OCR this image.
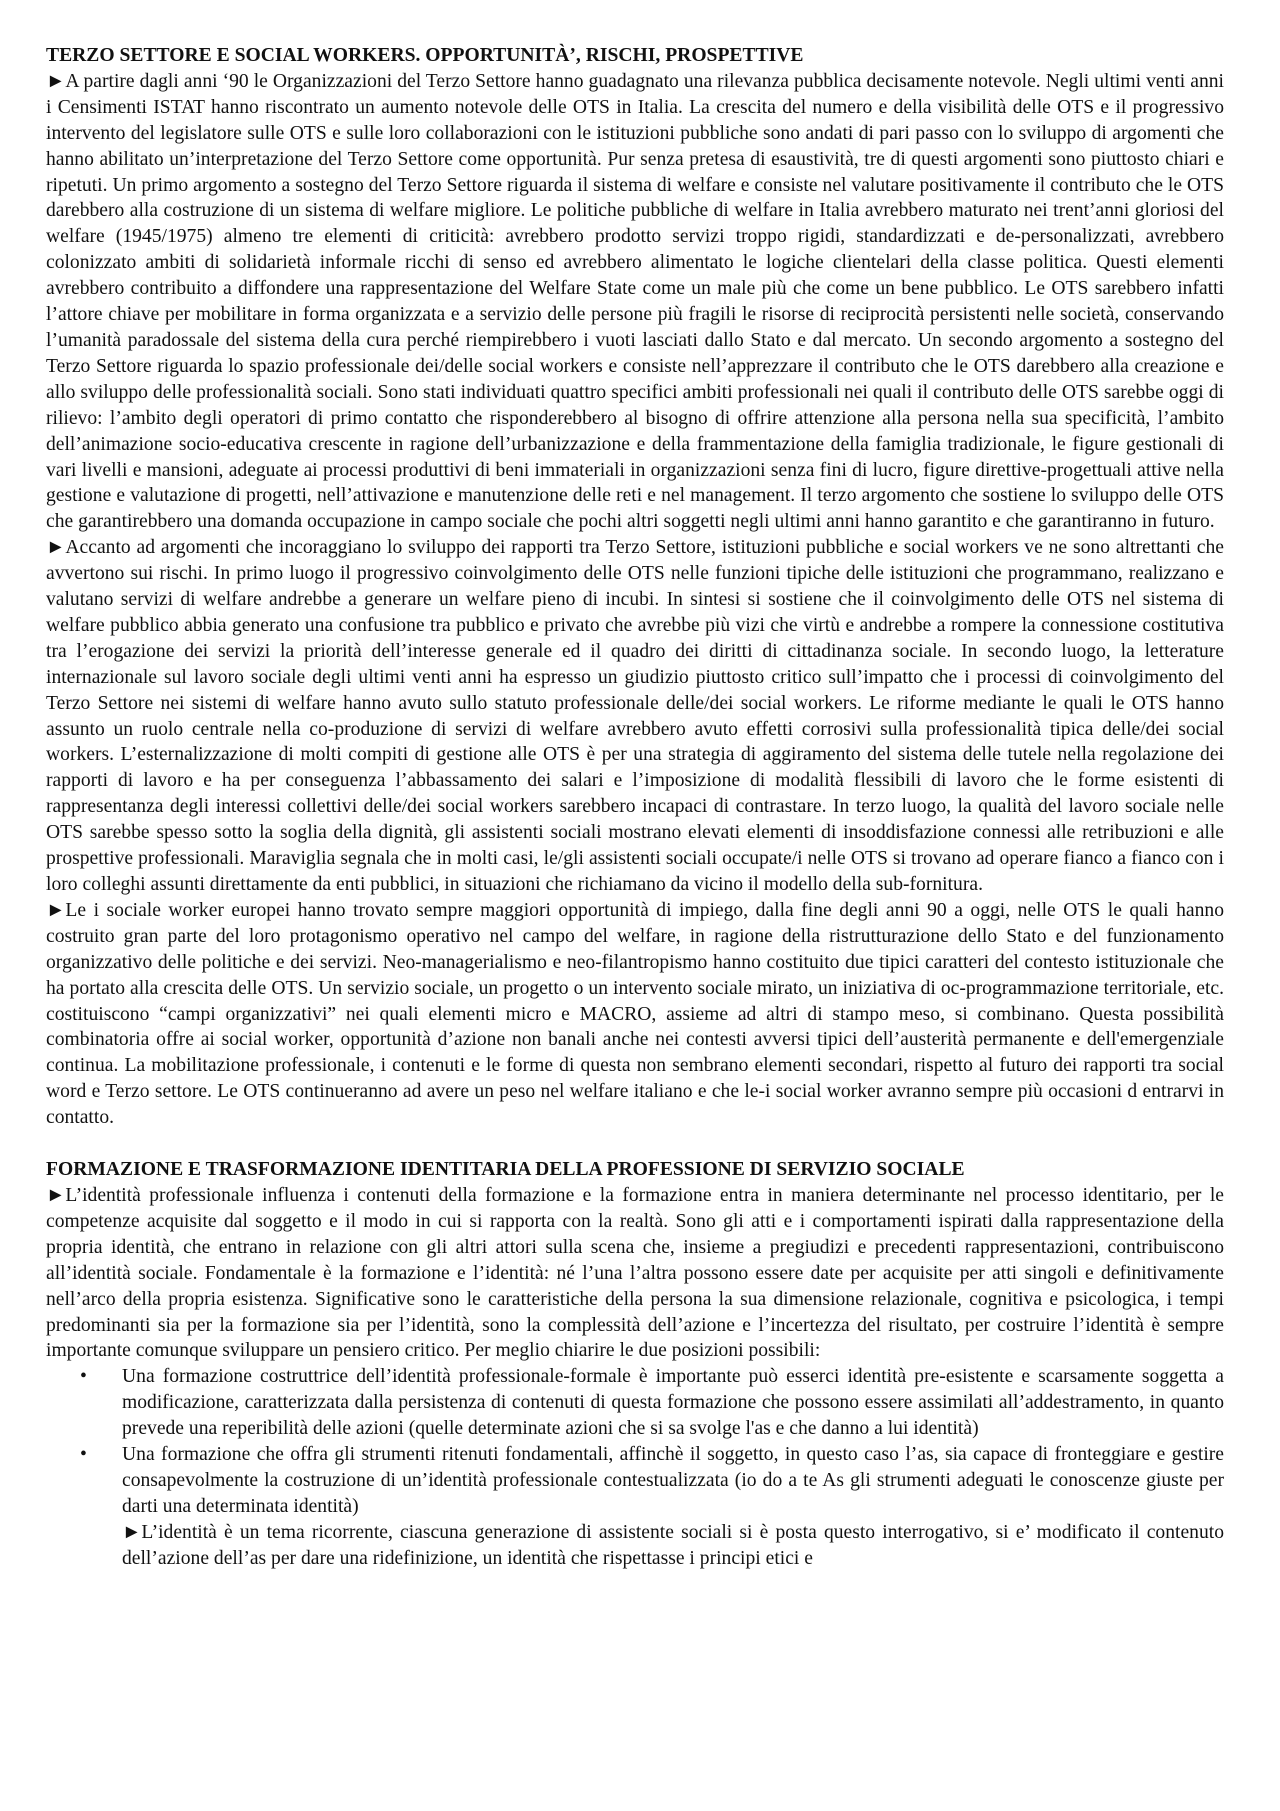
TERZO SETTORE E SOCIAL WORKERS. OPPORTUNITÀ’, RISCHI, PROSPETTIVE

►A partire dagli anni ‘90 le Organizzazioni del Terzo Settore hanno guadagnato una rilevanza pubblica decisamente notevole. Negli ultimi venti anni i Censimenti ISTAT hanno riscontrato un aumento notevole delle OTS in Italia. La crescita del numero e della visibilità delle OTS e il progressivo intervento del legislatore sulle OTS e sulle loro collaborazioni con le istituzioni pubbliche sono andati di pari passo con lo sviluppo di argomenti che hanno abilitato un’interpretazione del Terzo Settore come opportunità. Pur senza pretesa di esaustività, tre di questi argomenti sono piuttosto chiari e ripetuti. Un primo argomento a sostegno del Terzo Settore riguarda il sistema di welfare e consiste nel valutare positivamente il contributo che le OTS darebbero alla costruzione di un sistema di welfare migliore. Le politiche pubbliche di welfare in Italia avrebbero maturato nei trent’anni gloriosi del welfare (1945/1975) almeno tre elementi di criticità: avrebbero prodotto servizi troppo rigidi, standardizzati e de-personalizzati, avrebbero colonizzato ambiti di solidarietà informale ricchi di senso ed avrebbero alimentato le logiche clientelari della classe politica. Questi elementi avrebbero contribuito a diffondere una rappresentazione del Welfare State come un male più che come un bene pubblico. Le OTS sarebbero infatti l’attore chiave per mobilitare in forma organizzata e a servizio delle persone più fragili le risorse di reciprocità persistenti nelle società, conservando l’umanità paradossale del sistema della cura perché riempirebbero i vuoti lasciati dallo Stato e dal mercato. Un secondo argomento a sostegno del Terzo Settore riguarda lo spazio professionale dei/delle social workers e consiste nell’apprezzare il contributo che le OTS darebbero alla creazione e allo sviluppo delle professionalità sociali. Sono stati individuati quattro specifici ambiti professionali nei quali il contributo delle OTS sarebbe oggi di rilievo: l’ambito degli operatori di primo contatto che risponderebbero al bisogno di offrire attenzione alla persona nella sua specificità, l’ambito dell’animazione socio-educativa crescente in ragione dell’urbanizzazione e della frammentazione della famiglia tradizionale, le figure gestionali di vari livelli e mansioni, adeguate ai processi produttivi di beni immateriali in organizzazioni senza fini di lucro, figure direttive-progettuali attive nella gestione e valutazione di progetti, nell’attivazione e manutenzione delle reti e nel management. Il terzo argomento che sostiene lo sviluppo delle OTS che garantirebbero una domanda occupazione in campo sociale che pochi altri soggetti negli ultimi anni hanno garantito e che garantiranno in futuro.

►Accanto ad argomenti che incoraggiano lo sviluppo dei rapporti tra Terzo Settore, istituzioni pubbliche e social workers ve ne sono altrettanti che avvertono sui rischi. In primo luogo il progressivo coinvolgimento delle OTS nelle funzioni tipiche delle istituzioni che programmano, realizzano e valutano servizi di welfare andrebbe a generare un welfare pieno di incubi. In sintesi si sostiene che il coinvolgimento delle OTS nel sistema di welfare pubblico abbia generato una confusione tra pubblico e privato che avrebbe più vizi che virtù e andrebbe a rompere la connessione costitutiva tra l’erogazione dei servizi la priorità dell’interesse generale ed il quadro dei diritti di cittadinanza sociale. In secondo luogo, la letterature internazionale sul lavoro sociale degli ultimi venti anni ha espresso un giudizio piuttosto critico sull’impatto che i processi di coinvolgimento del Terzo Settore nei sistemi di welfare hanno avuto sullo statuto professionale delle/dei social workers. Le riforme mediante le quali le OTS hanno assunto un ruolo centrale nella co-produzione di servizi di welfare avrebbero avuto effetti corrosivi sulla professionalità tipica delle/dei social workers. L’esternalizzazione di molti compiti di gestione alle OTS è per una strategia di aggiramento del sistema delle tutele nella regolazione dei rapporti di lavoro e ha per conseguenza l’abbassamento dei salari e l’imposizione di modalità flessibili di lavoro che le forme esistenti di rappresentanza degli interessi collettivi delle/dei social workers sarebbero incapaci di contrastare. In terzo luogo, la qualità del lavoro sociale nelle OTS sarebbe spesso sotto la soglia della dignità, gli assistenti sociali mostrano elevati elementi di insoddisfazione connessi alle retribuzioni e alle prospettive professionali. Maraviglia segnala che in molti casi, le/gli assistenti sociali occupate/i nelle OTS si trovano ad operare fianco a fianco con i loro colleghi assunti direttamente da enti pubblici, in situazioni che richiamano da vicino il modello della sub-fornitura.

►Le i sociale worker europei hanno trovato sempre maggiori opportunità di impiego, dalla fine degli anni 90 a oggi, nelle OTS le quali hanno costruito gran parte del loro protagonismo operativo nel campo del welfare, in ragione della ristrutturazione dello Stato e del funzionamento organizzativo delle politiche e dei servizi. Neo-managerialismo e neo-filantropismo hanno costituito due tipici caratteri del contesto istituzionale che ha portato alla crescita delle OTS. Un servizio sociale, un progetto o un intervento sociale mirato, un iniziativa di oc-programmazione territoriale, etc. costituiscono “campi organizzativi” nei quali elementi micro e MACRO, assieme ad altri di stampo meso, si combinano. Questa possibilità combinatoria offre ai social worker, opportunità d’azione non banali anche nei contesti avversi tipici dell’austerità permanente e dell'emergenziale continua. La mobilitazione professionale, i contenuti e le forme di questa non sembrano elementi secondari, rispetto al futuro dei rapporti tra social word e Terzo settore. Le OTS continueranno ad avere un peso nel welfare italiano e che le-i social worker avranno sempre più occasioni d entrarvi in contatto.

FORMAZIONE E TRASFORMAZIONE IDENTITARIA DELLA PROFESSIONE DI SERVIZIO SOCIALE

►L’identità professionale influenza i contenuti della formazione e la formazione entra in maniera determinante nel processo identitario, per le competenze acquisite dal soggetto e il modo in cui si rapporta con la realtà. Sono gli atti e i comportamenti ispirati dalla rappresentazione della propria identità, che entrano in relazione con gli altri attori sulla scena che, insieme a pregiudizi e precedenti rappresentazioni, contribuiscono all’identità sociale. Fondamentale è la formazione e l’identità: né l’una l’altra possono essere date per acquisite per atti singoli e definitivamente nell’arco della propria esistenza. Significative sono le caratteristiche della persona la sua dimensione relazionale, cognitiva e psicologica, i tempi predominanti sia per la formazione sia per l’identità, sono la complessità dell’azione e l’incertezza del risultato, per costruire l’identità è sempre importante comunque sviluppare un pensiero critico. Per meglio chiarire le due posizioni possibili:

• Una formazione costruttrice dell’identità professionale-formale è importante può esserci identità pre-esistente e scarsamente soggetta a modificazione, caratterizzata dalla persistenza di contenuti di questa formazione che possono essere assimilati all’addestramento, in quanto prevede una reperibilità delle azioni (quelle determinate azioni che si sa svolge l'as e che danno a lui identità)
• Una formazione che offra gli strumenti ritenuti fondamentali, affinchè il soggetto, in questo caso l’as, sia capace di fronteggiare e gestire consapevolmente la costruzione di un’identità professionale contestualizzata (io do a te As gli strumenti adeguati le conoscenze giuste per darti una determinata identità)

►L’identità è un tema ricorrente, ciascuna generazione di assistente sociali si è posta questo interrogativo, si e’ modificato il contenuto dell’azione dell’as per dare una ridefinizione, un identità che rispettasse i principi etici e
